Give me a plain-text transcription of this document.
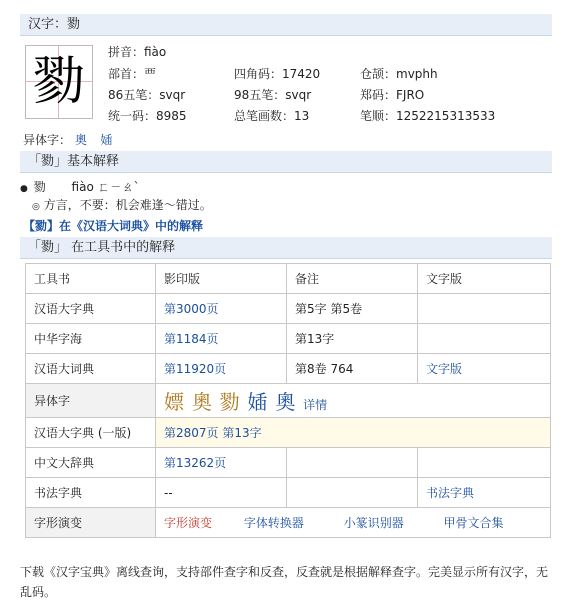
汉字：勠
勠	拼音：fiào
部首：覀	四角码：17420	仓颉：mvphh
86五笔：svqr	98五笔：svqr	郑码：FJRO
统一码：8985	总笔画数：13	笔顺：1252215313533
异体字： 奧 㛼
「勠」基本解释
● 勠 fiào ㄈㄧㄠˋ
◎ 方言，不要：机会难逢～错过。
【勠】在《汉语大词典》中的解释
「勠」 在工具书中的解释
工具书	影印版	备注	文字版
汉语大字典	第3000页	第5字 第5卷	
中华字海	第1184页	第13字	
汉语大词典	第11920页	第8卷 764	文字版
异体字	嫖 奧 勠 㛼 奧 详情		
汉语大字典 (一版)	第2807页 第13字		
中文大辞典	第13262页		
书法字典	--		书法字典
字形演变	字形演变 字体转换器 小篆识别器 甲骨文合集		
下载《汉字宝典》离线查询，支持部件查字和反查，反查就是根据解释查字。完美显示所有汉字，无乱码。
